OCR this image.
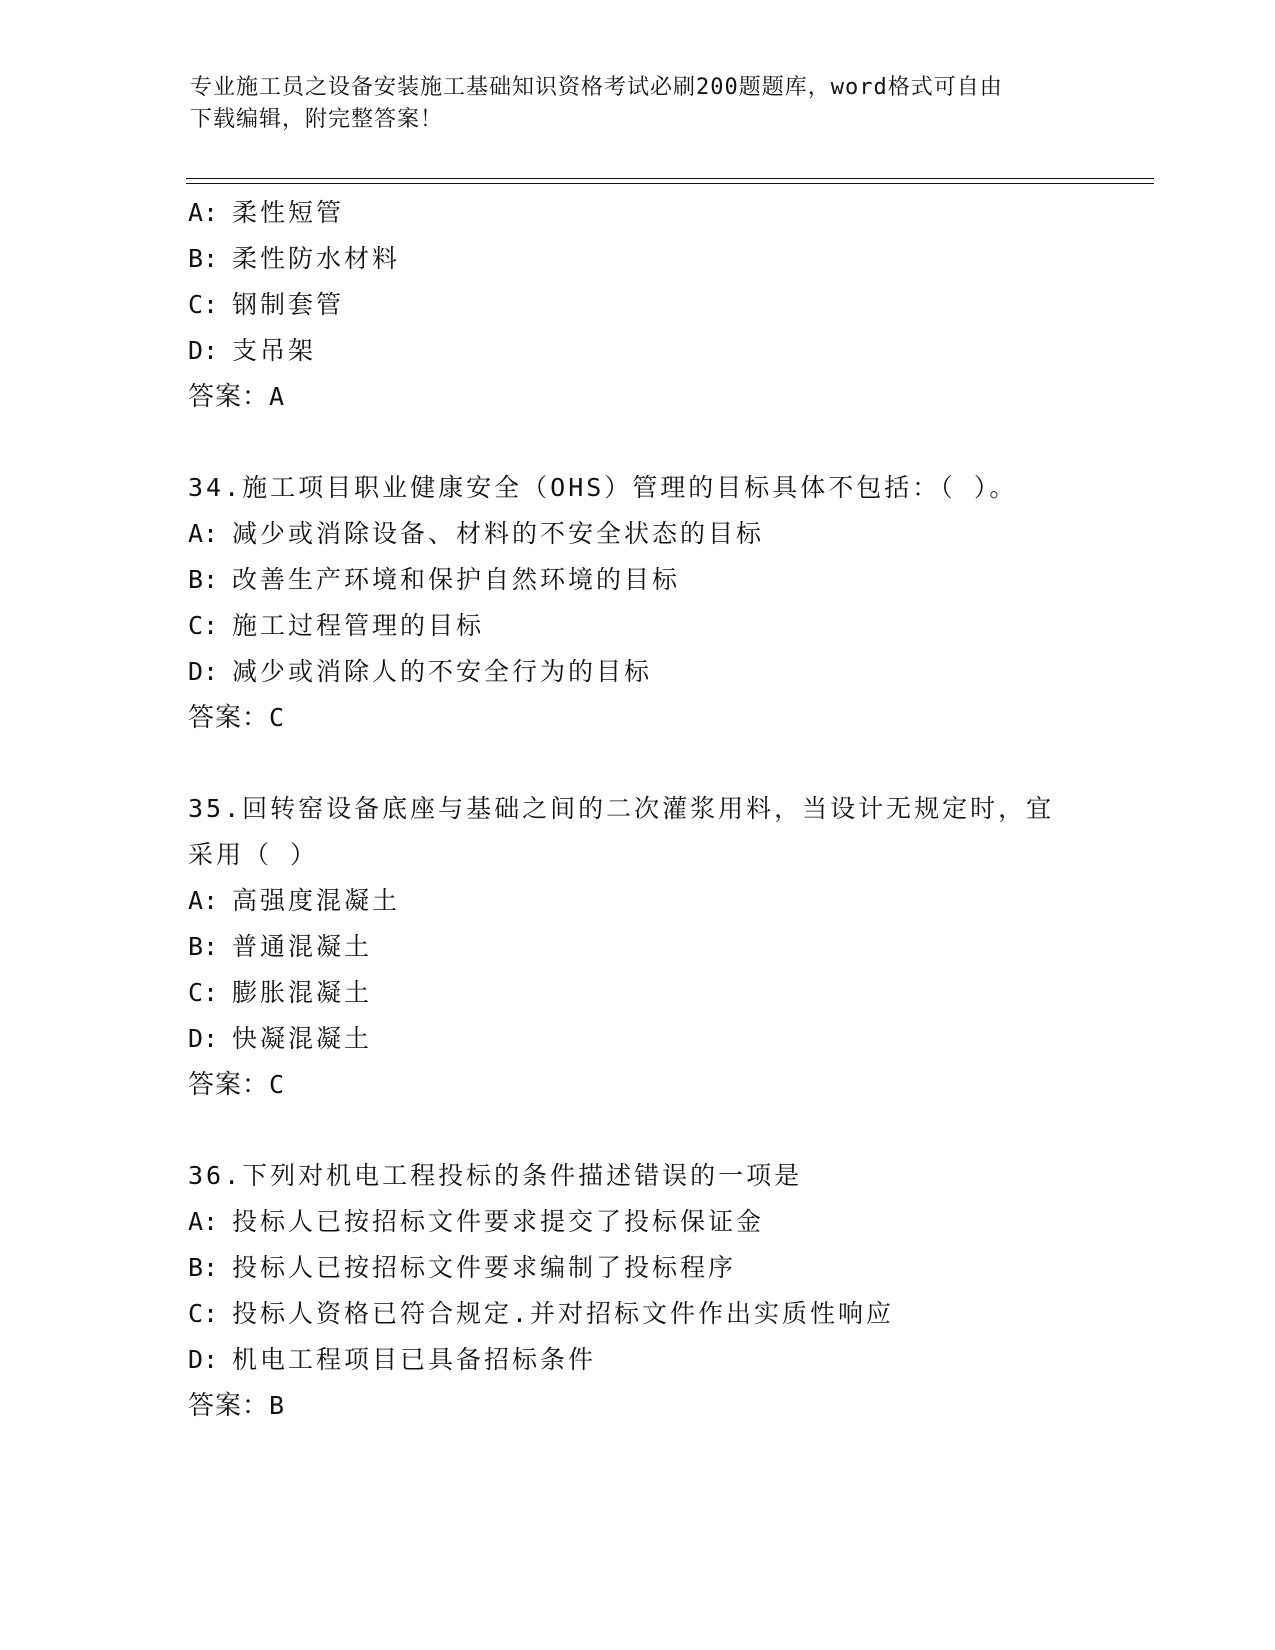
专业施工员之设备安装施工基础知识资格考试必刷200题题库，word格式可自由
下载编辑，附完整答案！
A: 柔性短管
B: 柔性防水材料
C: 钢制套管
D: 支吊架
答案：A
34.施工项目职业健康安全（OHS）管理的目标具体不包括：（ ）。
A: 减少或消除设备、材料的不安全状态的目标
B: 改善生产环境和保护自然环境的目标
C: 施工过程管理的目标
D: 减少或消除人的不安全行为的目标
答案：C
35.回转窑设备底座与基础之间的二次灌浆用料，当设计无规定时，宜
采用（ ）
A: 高强度混凝土
B: 普通混凝土
C: 膨胀混凝土
D: 快凝混凝土
答案：C
36.下列对机电工程投标的条件描述错误的一项是
A: 投标人已按招标文件要求提交了投标保证金
B: 投标人已按招标文件要求编制了投标程序
C: 投标人资格已符合规定.并对招标文件作出实质性响应
D: 机电工程项目已具备招标条件
答案：B
